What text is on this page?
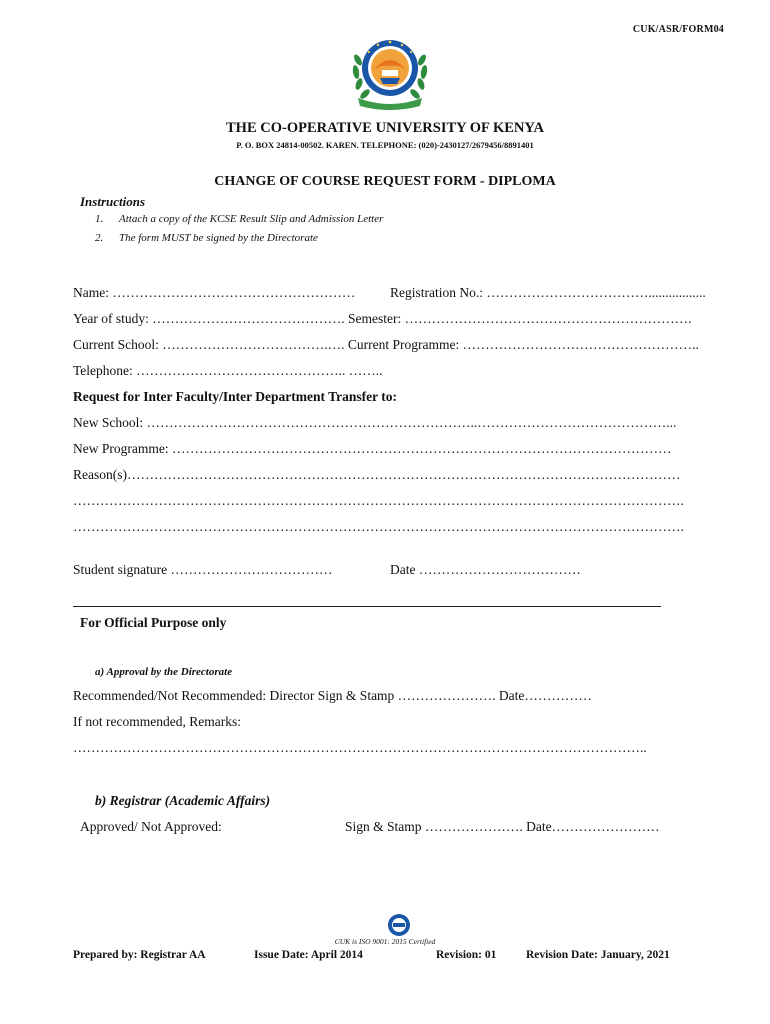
CUK/ASR/FORM04
THE CO-OPERATIVE UNIVERSITY OF KENYA
P. O. BOX 24814-00502. KAREN. TELEPHONE: (020)-2430127/2679456/8891401
CHANGE OF COURSE REQUEST FORM - DIPLOMA
Instructions
1. Attach a copy of the KCSE Result Slip and Admission Letter
2. The form MUST be signed by the Directorate
Name: ………………………………………………	Registration No.: ……………………………….................
Year of study: ……………………………………. Semester: ……………………………………………………….
Current School: ……………………………….…. Current Programme: ……………………………………………..
Telephone: ……………………………………….. ……..
Request for Inter Faculty/Inter Department Transfer to:
New School: ………………………………………………………………..……………………………………...
New Programme: …………………………………………………………………………………………………
Reason(s)……………………………………………………………………………………………………………
……………………………………………………………………………………………………………………….
……………………………………………………………………………………………………………………….
Student signature ………………………………	Date ………………………………
For Official Purpose only
a) Approval by the Directorate
Recommended/Not Recommended: Director Sign & Stamp …………………. Date……………
If not recommended, Remarks:
………………………………………………………………………………………………………………..
b) Registrar (Academic Affairs)
Approved/ Not Approved:	Sign & Stamp …………………. Date……………………
CUK is ISO 9001: 2015 Certified
Prepared by: Registrar AA	Issue Date: April 2014	Revision: 01	Revision Date: January, 2021
